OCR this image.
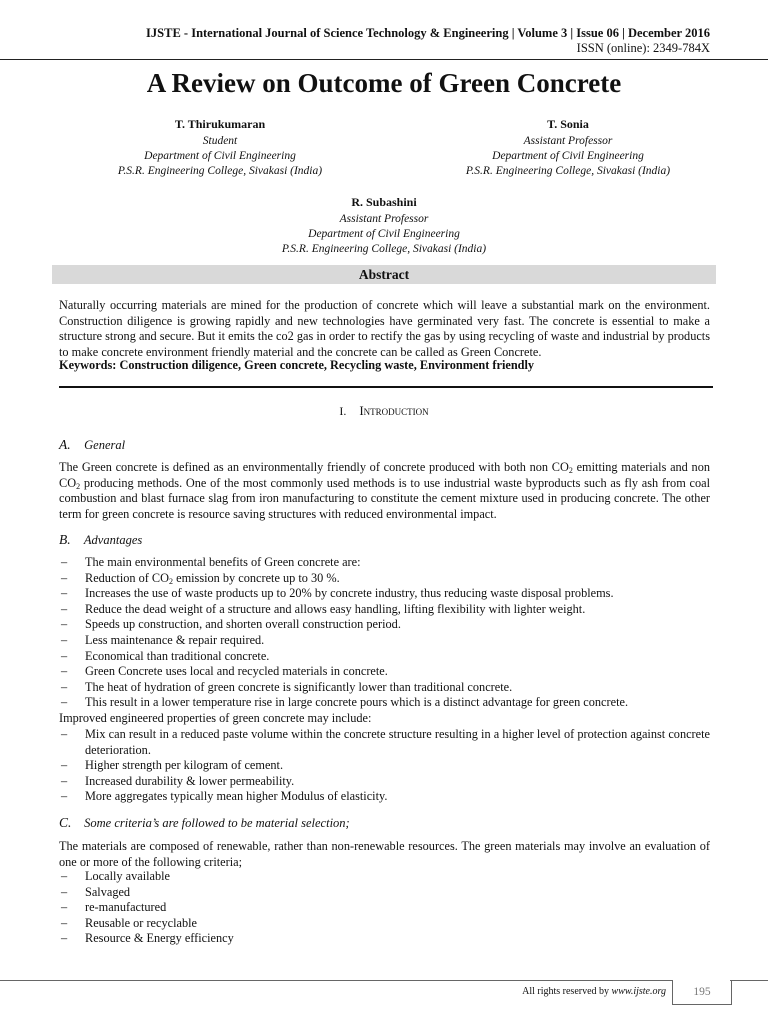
IJSTE - International Journal of Science Technology & Engineering | Volume 3 | Issue 06 | December 2016
ISSN (online): 2349-784X
A Review on Outcome of Green Concrete
T. Thirukumaran
Student
Department of Civil Engineering
P.S.R. Engineering College, Sivakasi (India)
T. Sonia
Assistant Professor
Department of Civil Engineering
P.S.R. Engineering College, Sivakasi (India)
R. Subashini
Assistant Professor
Department of Civil Engineering
P.S.R. Engineering College, Sivakasi (India)
Abstract
Naturally occurring materials are mined for the production of concrete which will leave a substantial mark on the environment. Construction diligence is growing rapidly and new technologies have germinated very fast. The concrete is essential to make a structure strong and secure. But it emits the co2 gas in order to rectify the gas by using recycling of waste and industrial by products to make concrete environment friendly material and the concrete can be called as Green Concrete.
Keywords: Construction diligence, Green concrete, Recycling waste, Environment friendly
I. Introduction
A. General
The Green concrete is defined as an environmentally friendly of concrete produced with both non $CO_2$ emitting materials and non $CO_2$ producing methods. One of the most commonly used methods is to use industrial waste byproducts such as fly ash from coal combustion and blast furnace slag from iron manufacturing to constitute the cement mixture used in producing concrete. The other term for green concrete is resource saving structures with reduced environmental impact.
B. Advantages
– The main environmental benefits of Green concrete are:
– Reduction of $CO_2$ emission by concrete up to 30 %.
– Increases the use of waste products up to 20% by concrete industry, thus reducing waste disposal problems.
– Reduce the dead weight of a structure and allows easy handling, lifting flexibility with lighter weight.
– Speeds up construction, and shorten overall construction period.
– Less maintenance & repair required.
– Economical than traditional concrete.
– Green Concrete uses local and recycled materials in concrete.
– The heat of hydration of green concrete is significantly lower than traditional concrete.
– This result in a lower temperature rise in large concrete pours which is a distinct advantage for green concrete.
Improved engineered properties of green concrete may include:
– Mix can result in a reduced paste volume within the concrete structure resulting in a higher level of protection against concrete deterioration.
– Higher strength per kilogram of cement.
– Increased durability & lower permeability.
– More aggregates typically mean higher Modulus of elasticity.
C. Some criteria’s are followed to be material selection;
The materials are composed of renewable, rather than non-renewable resources. The green materials may involve an evaluation of one or more of the following criteria;
– Locally available
– Salvaged
– re-manufactured
– Reusable or recyclable
– Resource & Energy efficiency
All rights reserved by www.ijste.org	195
